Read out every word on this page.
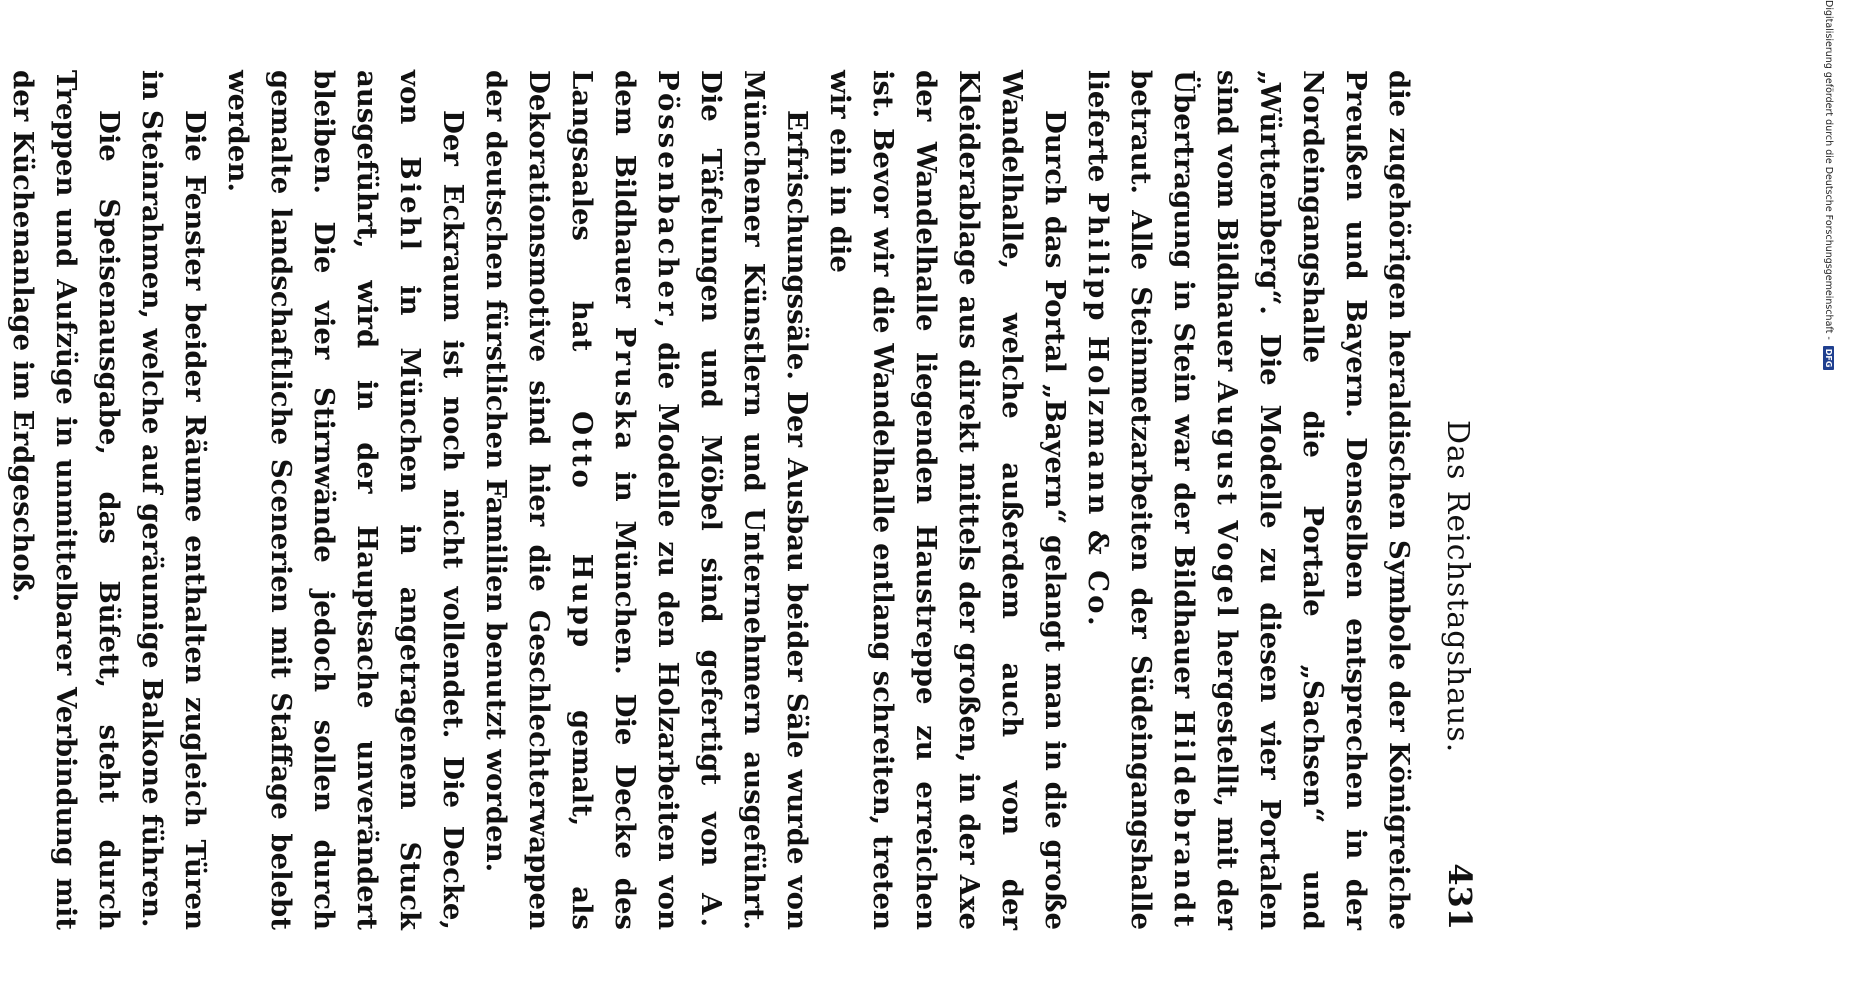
Das Reichstagshaus.
431

die zugehörigen heraldischen Symbole der Königreiche Preußen und Bayern. Denselben entsprechen in der Nordeingangshalle die Portale „Sachsen“ und „Württemberg“. Die Modelle zu diesen vier Portalen sind vom Bildhauer August Vogel hergestellt, mit der Übertragung in Stein war der Bildhauer Hildebrandt betraut. Alle Steinmetzarbeiten der Südeingangshalle lieferte Philipp Holzmann & Co.

Durch das Portal „Bayern“ gelangt man in die große Wandelhalle, welche außerdem auch von der Kleiderablage aus direkt mittels der großen, in der Axe der Wandelhalle liegenden Haustreppe zu erreichen ist. Bevor wir die Wandelhalle entlang schreiten, treten wir ein in die

Erfrischungssäle. Der Ausbau beider Säle wurde von Münchener Künstlern und Unternehmern ausgeführt. Die Täfelungen und Möbel sind gefertigt von A. Pössenbacher, die Modelle zu den Holzarbeiten von dem Bildhauer Pruska in München. Die Decke des Langsaales hat Otto Hupp gemalt, als Dekorationsmotive sind hier die Geschlechterwappen der deutschen fürstlichen Familien benutzt worden.

Der Eckraum ist noch nicht vollendet. Die Decke, von Biehl in München in angetragenem Stuck ausgeführt, wird in der Hauptsache unverändert bleiben. Die vier Stirnwände jedoch sollen durch gemalte landschaftliche Scenerien mit Staffage belebt werden.

Die Fenster beider Räume enthalten zugleich Türen in Steinrahmen, welche auf geräumige Balkone führen.

Die Speisenausgabe, das Büfett, steht durch Treppen und Aufzüge in unmittelbarer Verbindung mit der Küchenanlage im Erdgeschoß.	Digitalisierung gefördert durch die Deutsche Forschungsgemeinschaft -
DFG
